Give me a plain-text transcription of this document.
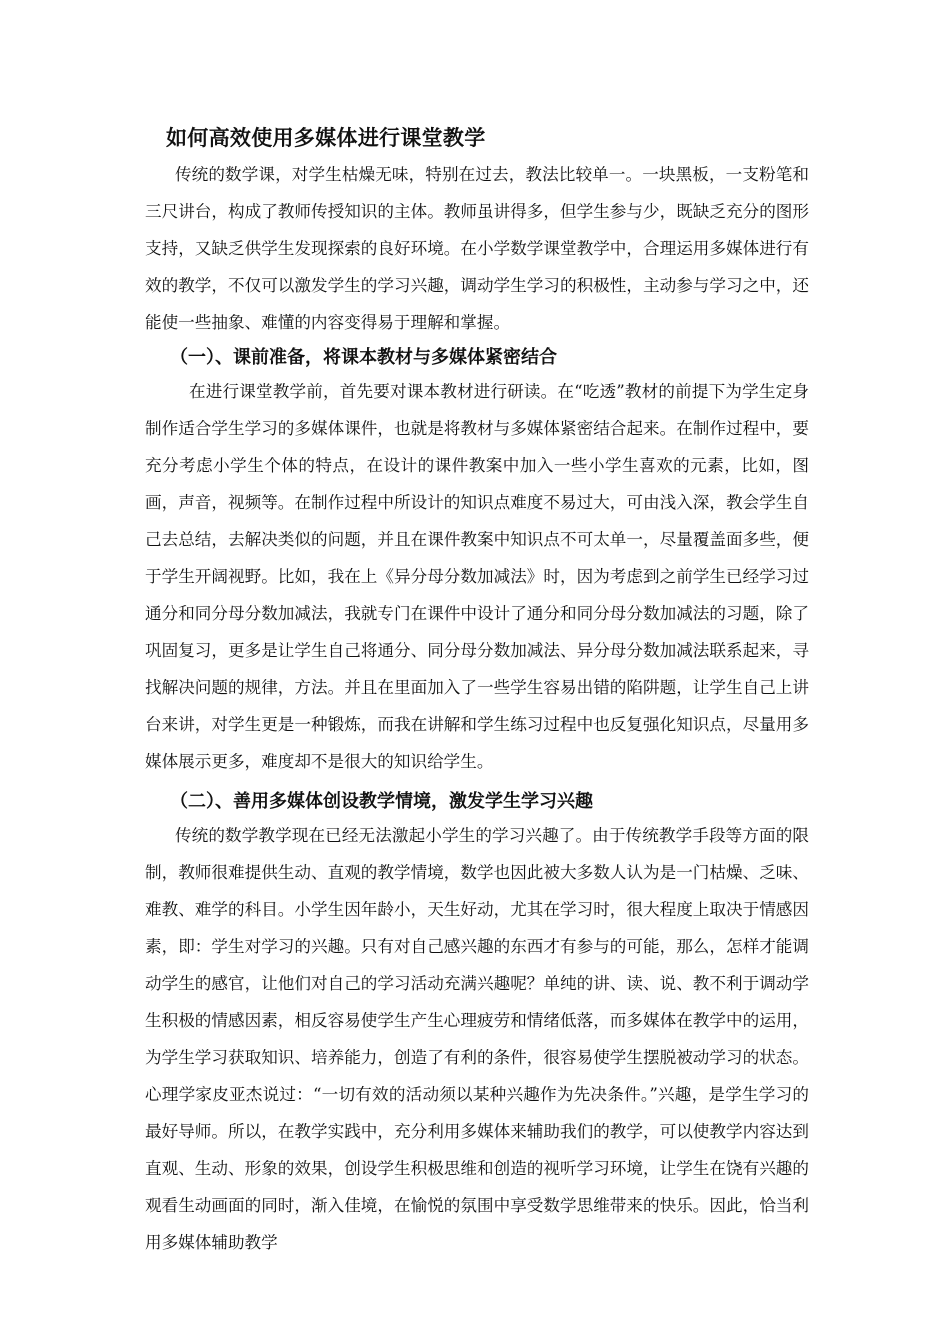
如何高效使用多媒体进行课堂教学
传统的数学课，对学生枯燥无味，特别在过去，教法比较单一。一块黑板，一支粉笔和三尺讲台，构成了教师传授知识的主体。教师虽讲得多，但学生参与少，既缺乏充分的图形支持，又缺乏供学生发现探索的良好环境。在小学数学课堂教学中，合理运用多媒体进行有效的教学，不仅可以激发学生的学习兴趣，调动学生学习的积极性，主动参与学习之中，还能使一些抽象、难懂的内容变得易于理解和掌握。
（一）、课前准备，将课本教材与多媒体紧密结合
在进行课堂教学前，首先要对课本教材进行研读。在“吃透”教材的前提下为学生定身制作适合学生学习的多媒体课件，也就是将教材与多媒体紧密结合起来。在制作过程中，要充分考虑小学生个体的特点，在设计的课件教案中加入一些小学生喜欢的元素，比如，图画，声音，视频等。在制作过程中所设计的知识点难度不易过大，可由浅入深，教会学生自己去总结，去解决类似的问题，并且在课件教案中知识点不可太单一，尽量覆盖面多些，便于学生开阔视野。比如，我在上《异分母分数加减法》时，因为考虑到之前学生已经学习过通分和同分母分数加减法，我就专门在课件中设计了通分和同分母分数加减法的习题，除了巩固复习，更多是让学生自己将通分、同分母分数加减法、异分母分数加减法联系起来，寻找解决问题的规律，方法。并且在里面加入了一些学生容易出错的陷阱题，让学生自己上讲台来讲，对学生更是一种锻炼，而我在讲解和学生练习过程中也反复强化知识点，尽量用多媒体展示更多，难度却不是很大的知识给学生。
（二）、善用多媒体创设教学情境，激发学生学习兴趣
传统的数学教学现在已经无法激起小学生的学习兴趣了。由于传统教学手段等方面的限制，教师很难提供生动、直观的教学情境，数学也因此被大多数人认为是一门枯燥、乏味、难教、难学的科目。小学生因年龄小，天生好动，尤其在学习时，很大程度上取决于情感因素，即：学生对学习的兴趣。只有对自己感兴趣的东西才有参与的可能，那么，怎样才能调动学生的感官，让他们对自己的学习活动充满兴趣呢？单纯的讲、读、说、教不利于调动学生积极的情感因素，相反容易使学生产生心理疲劳和情绪低落，而多媒体在教学中的运用，为学生学习获取知识、培养能力，创造了有利的条件，很容易使学生摆脱被动学习的状态。心理学家皮亚杰说过：“一切有效的活动须以某种兴趣作为先决条件。”兴趣，是学生学习的最好导师。所以，在教学实践中，充分利用多媒体来辅助我们的教学，可以使教学内容达到直观、生动、形象的效果，创设学生积极思维和创造的视听学习环境，让学生在饶有兴趣的观看生动画面的同时，渐入佳境，在愉悦的氛围中享受数学思维带来的快乐。因此，恰当利用多媒体辅助教学
